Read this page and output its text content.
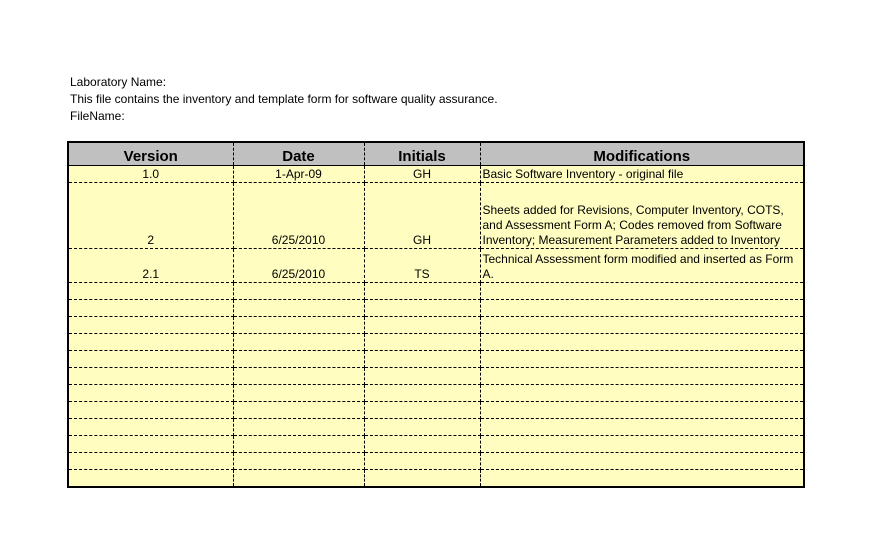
Laboratory Name:
This file contains the inventory and template form for software quality assurance.
FileName:
Version	Date	Initials	Modifications
1.0	1-Apr-09	GH	Basic Software Inventory - original file
2	6/25/2010	GH	Sheets added for Revisions, Computer Inventory, COTS, and Assessment Form A; Codes removed from Software Inventory; Measurement Parameters added to Inventory
2.1	6/25/2010	TS	Technical Assessment form modified and inserted as Form A.
